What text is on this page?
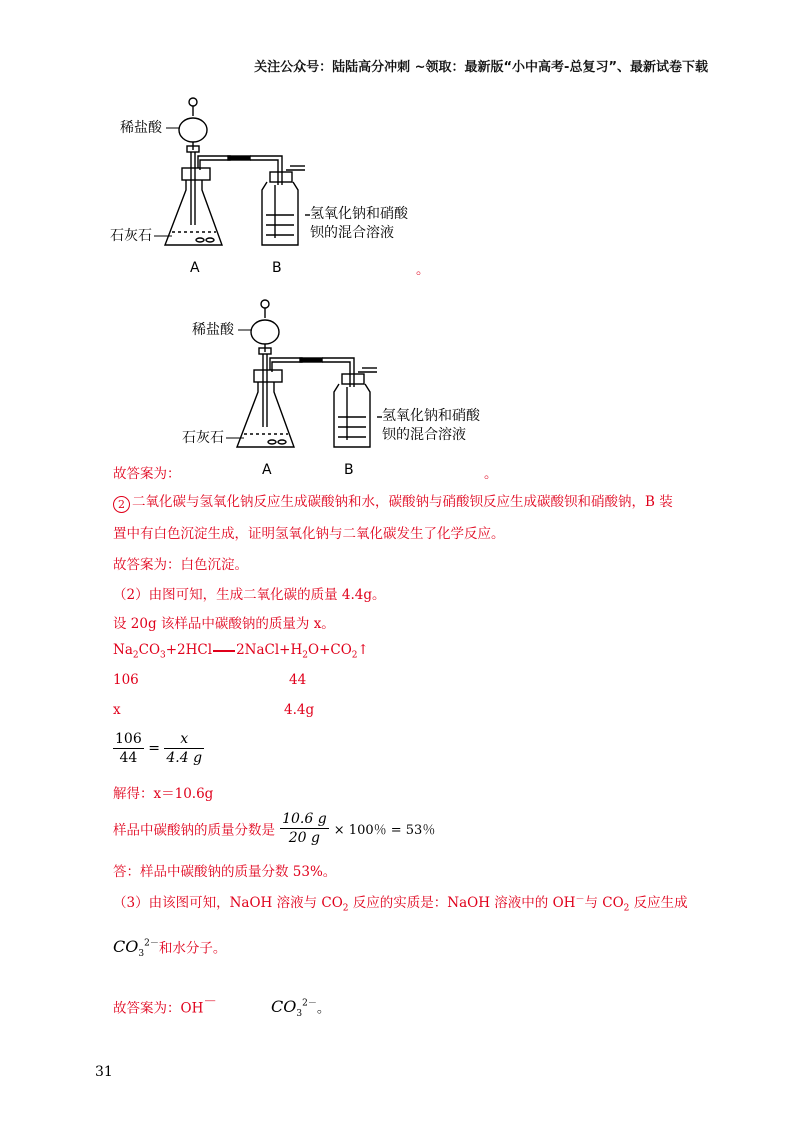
关注公众号：陆陆高分冲刺 ~领取：最新版“小中高考-总复习”、最新试卷下载
稀盐酸
石灰石
氢氧化钠和硝酸
钡的混合溶液
A	B	。
稀盐酸
石灰石
氢氧化钠和硝酸
钡的混合溶液
A	B
故答案为：	。
2 二氧化碳与氢氧化钠反应生成碳酸钠和水，碳酸钠与硝酸钡反应生成碳酸钡和硝酸钠，B 装
置中有白色沉淀生成，证明氢氧化钠与二氧化碳发生了化学反应。
故答案为：白色沉淀。
（2）由图可知，生成二氧化碳的质量 4.4g。
设 20g 该样品中碳酸钠的质量为 x。
$Na_2CO_3+2HCl$ $2NaCl+H_2O+CO_2↑$
106	44
x	4.4g
$\frac{106}{44} = \frac{x}{4.4 g}$
解得：x＝10.6g
样品中碳酸钠的质量分数是 $\frac{10.6 g}{20 g} \times 100$％ = 53％
答：样品中碳酸钠的质量分数 53%。
（3）由该图可知，NaOH 溶液与 $CO_2$ 反应的实质是：NaOH 溶液中的 OH－与 $CO_2$ 反应生成
$CO_3^{2-}$和水分子。
故答案为：OH－	$CO_3^{2-}$。
31
